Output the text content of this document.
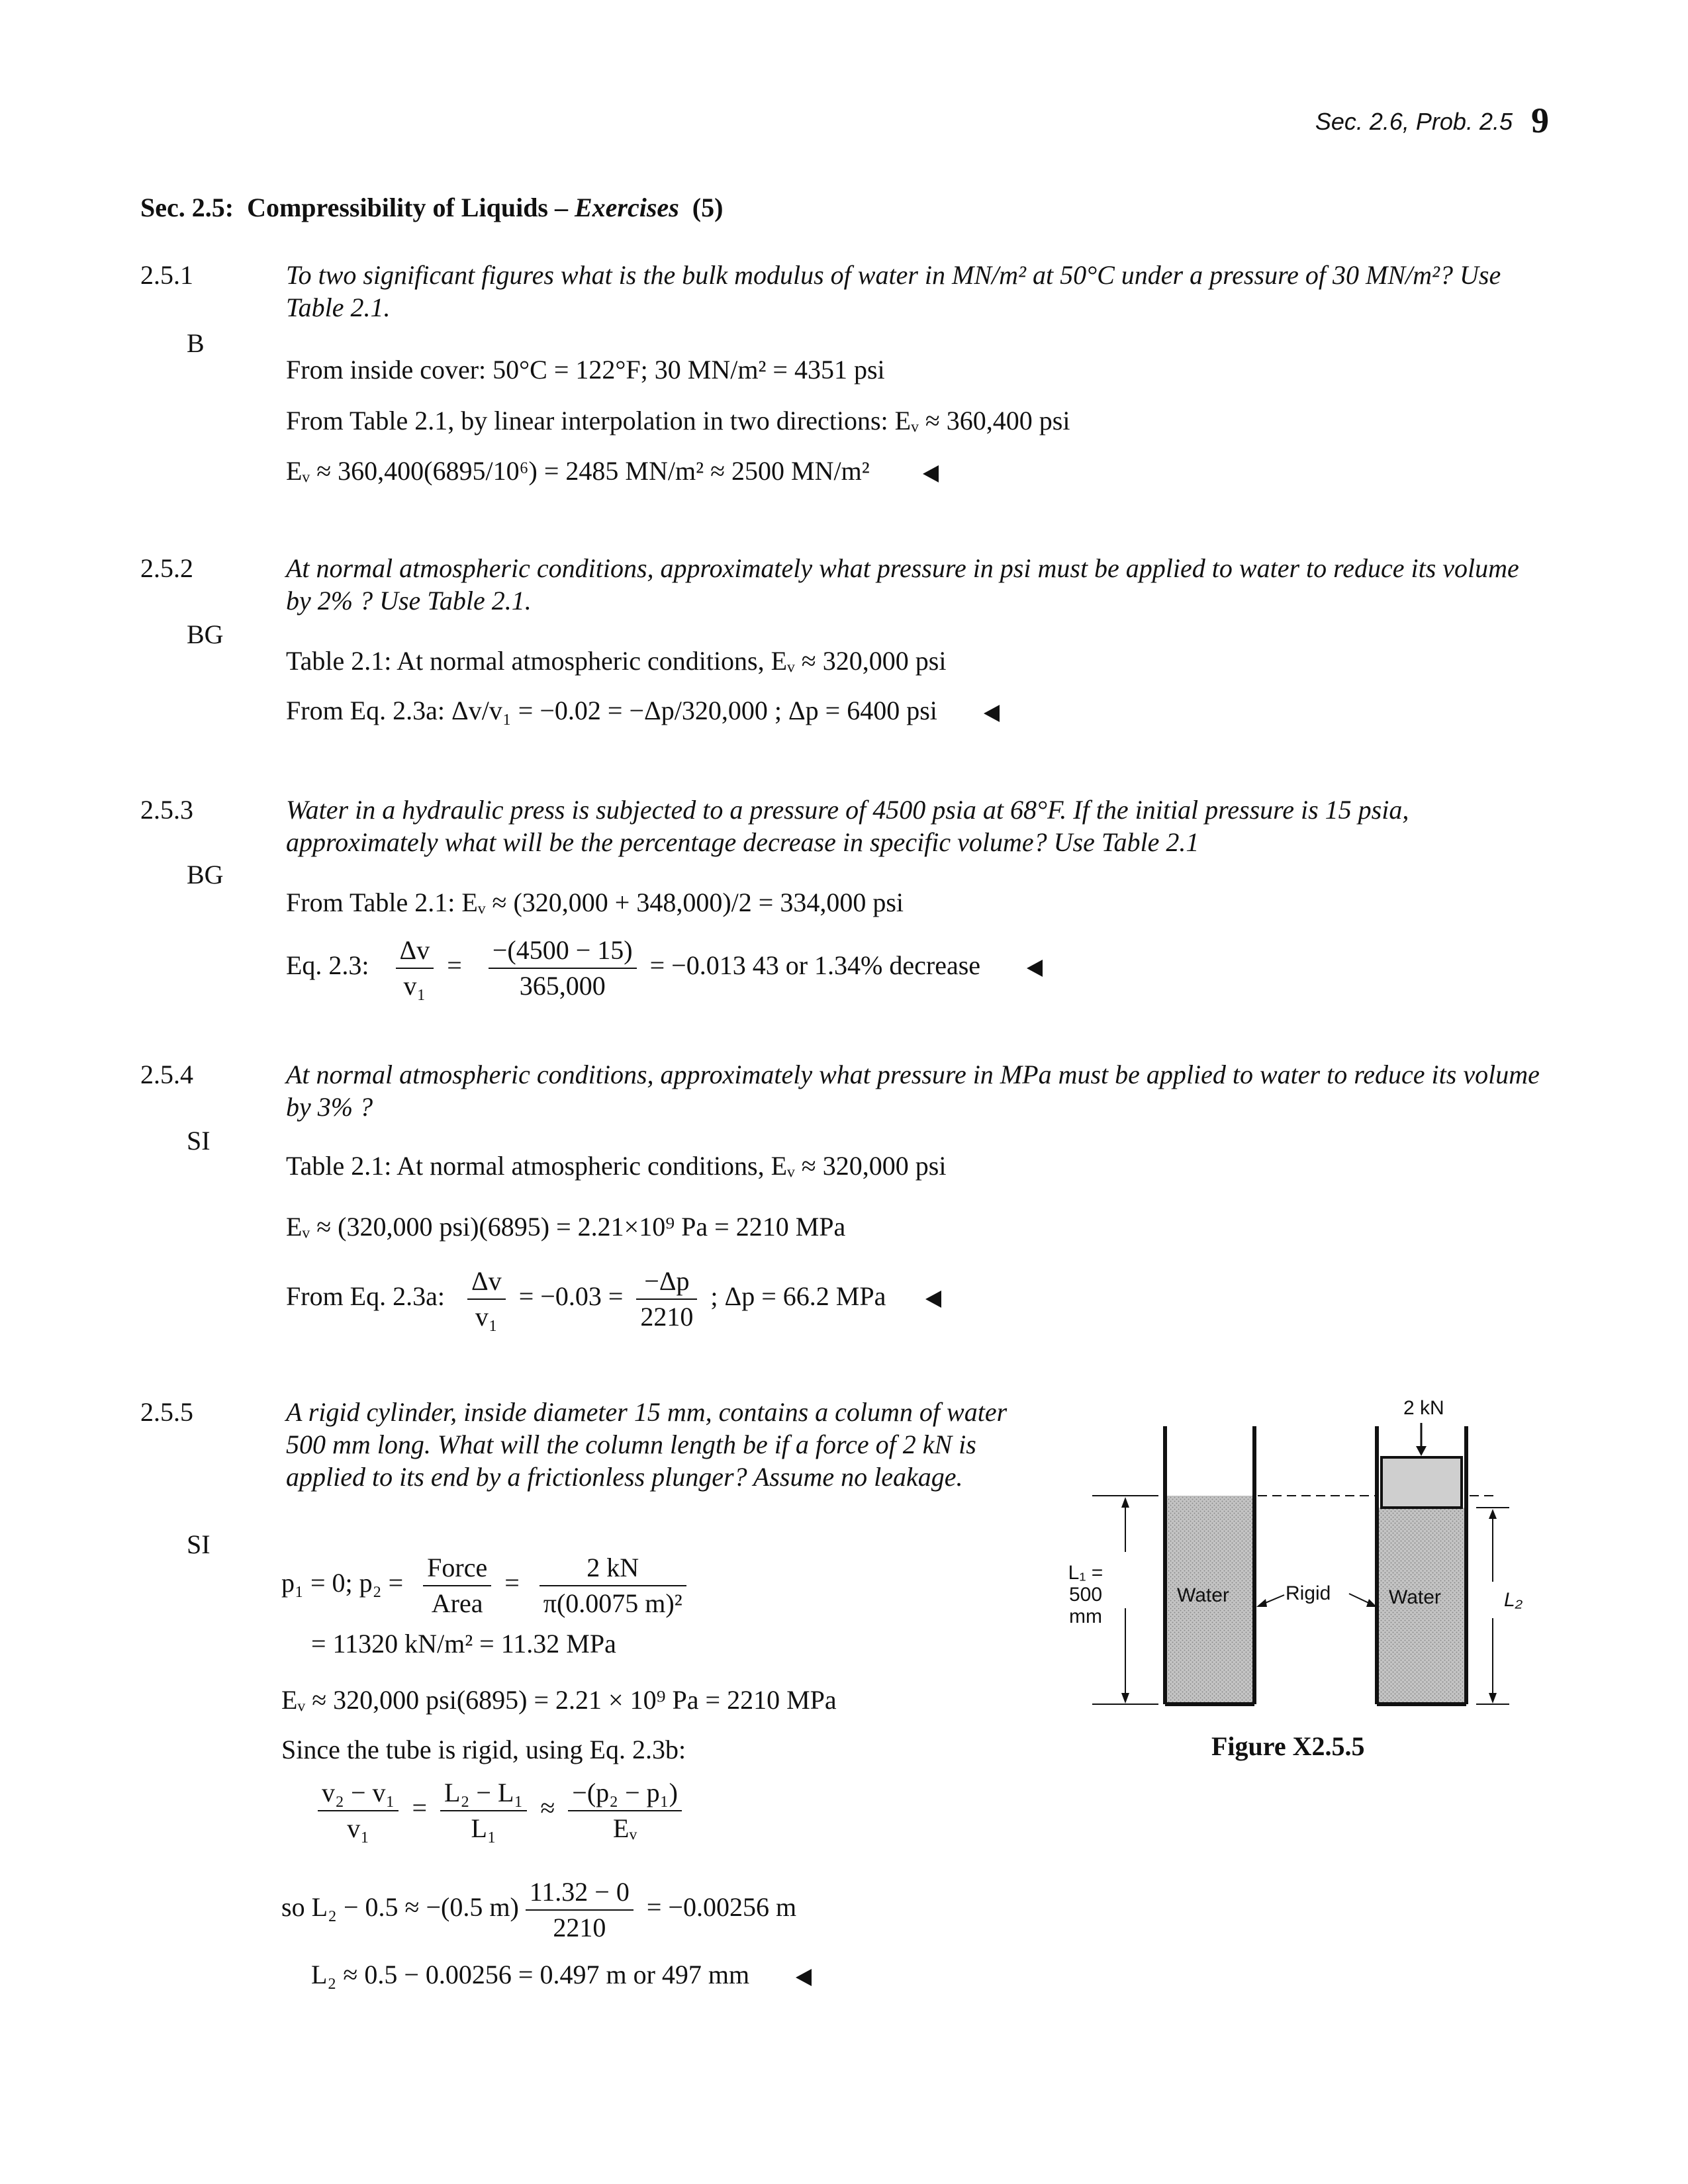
Sec. 2.6, Prob. 2.5 9
Sec. 2.5: Compressibility of Liquids – Exercises (5)
2.5.1
B
To two significant figures what is the bulk modulus of water in MN/m² at 50°C under a pressure of 30 MN/m²? Use Table 2.1.
From inside cover: 50°C = 122°F; 30 MN/m² = 4351 psi
From Table 2.1, by linear interpolation in two directions: Eᵥ ≈ 360,400 psi
Eᵥ ≈ 360,400(6895/10⁶) = 2485 MN/m² ≈ 2500 MN/m²
2.5.2
BG
At normal atmospheric conditions, approximately what pressure in psi must be applied to water to reduce its volume by 2% ? Use Table 2.1.
Table 2.1: At normal atmospheric conditions, Eᵥ ≈ 320,000 psi
From Eq. 2.3a: Δv/v₁ = −0.02 = −Δp/320,000 ; Δp = 6400 psi
2.5.3
BG
Water in a hydraulic press is subjected to a pressure of 4500 psia at 68°F. If the initial pressure is 15 psia, approximately what will be the percentage decrease in specific volume? Use Table 2.1
From Table 2.1: Eᵥ ≈ (320,000 + 348,000)/2 = 334,000 psi
Eq. 2.3: $\frac{\Delta v}{\text{v₁}} = \frac{-(4500 - 15)}{365,000} = -0.013$ 43 or 1.34% decrease
2.5.4
SI
At normal atmospheric conditions, approximately what pressure in MPa must be applied to water to reduce its volume by 3% ?
Table 2.1: At normal atmospheric conditions, Eᵥ ≈ 320,000 psi
Eᵥ ≈ (320,000 psi)(6895) = 2.21×10⁹ Pa = 2210 MPa
From Eq. 2.3a: $\frac{\Delta v}{\text{v₁}} = -0.03 = \frac{-\Delta p}{2210}$ ; Δp = 66.2 MPa
2.5.5
SI
A rigid cylinder, inside diameter 15 mm, contains a column of water 500 mm long. What will the column length be if a force of 2 kN is applied to its end by a frictionless plunger? Assume no leakage.
p₁ = 0; $p_2 = \frac{\text{Force}}{\text{Area}} = \frac{2 kN}{\text{π(0.0075 m)²}}$
= 11320 kN/m² = 11.32 MPa
Eᵥ ≈ 320,000 psi(6895) = 2.21 × 10⁹ Pa = 2210 MPa
Since the tube is rigid, using Eq. 2.3b:
$\frac{\text{v₂ − v₁}}{\text{v₁}} = \frac{\text{L₂ − L₁}}{\text{L₁}} \approx \frac{\text{−(p₂ − p₁)}}{\text{Eᵥ}}$
so L₂ − 0.5 ≈ −(0.5 $m) \frac{11.32 - 0}{2210} = -0.00256$ m
L₂ ≈ 0.5 − 0.00256 = 0.497 m or 497 mm
2 kN
L₁ =
500 mm
Water	Rigid	Water	L₂
Figure X2.5.5
